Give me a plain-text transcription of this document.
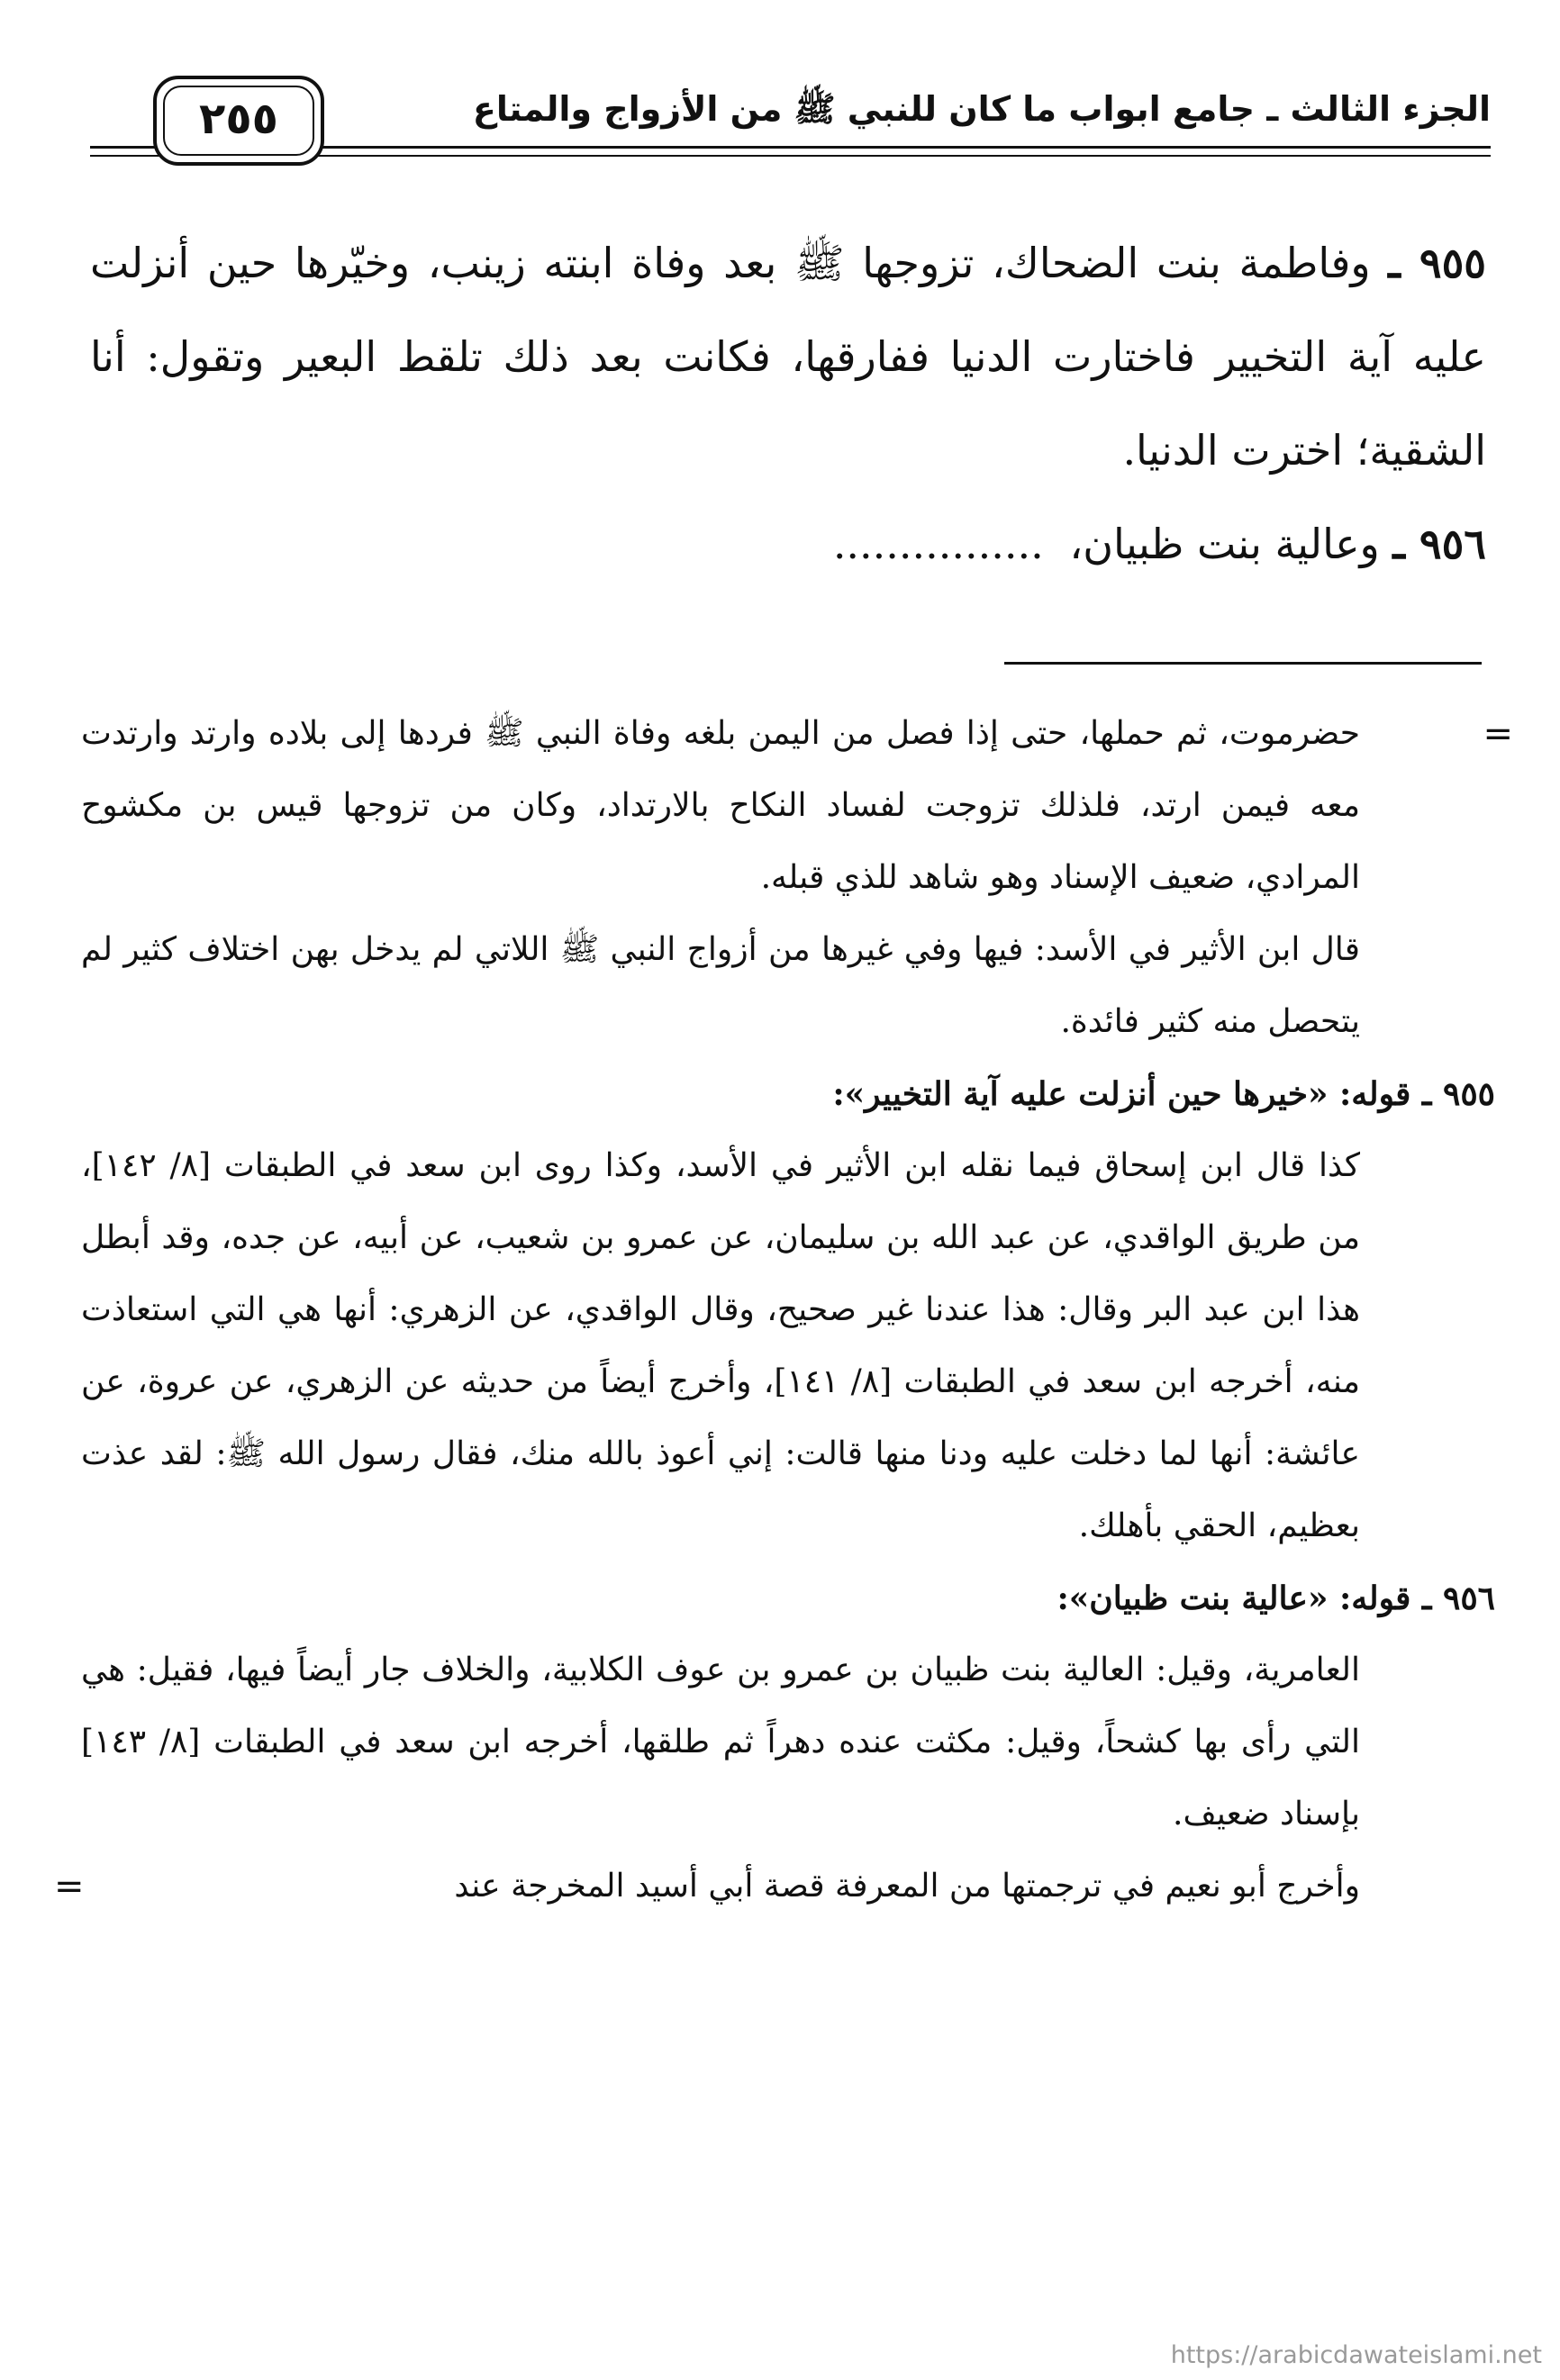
الجزء الثالث ـ جامع ابواب ما كان للنبي ﷺ من الأزواج والمتاع
٢٥٥

٩٥٥ ـ وفاطمة بنت الضحاك، تزوجها ﷺ بعد وفاة ابنته زينب، وخيّرها حين أنزلت عليه آية التخيير فاختارت الدنيا ففارقها، فكانت بعد ذلك تلقط البعير وتقول: أنا الشقية؛ اخترت الدنيا.

٩٥٦ ـ وعالية بنت ظبيان، ................

=
حضرموت، ثم حملها، حتى إذا فصل من اليمن بلغه وفاة النبي ﷺ فردها إلى بلاده وارتد وارتدت معه فيمن ارتد، فلذلك تزوجت لفساد النكاح بالارتداد، وكان من تزوجها قيس بن مكشوح المرادي، ضعيف الإسناد وهو شاهد للذي قبله.

قال ابن الأثير في الأسد: فيها وفي غيرها من أزواج النبي ﷺ اللاتي لم يدخل بهن اختلاف كثير لم يتحصل منه كثير فائدة.

٩٥٥ ـ قوله: «خيرها حين أنزلت عليه آية التخيير»:

كذا قال ابن إسحاق فيما نقله ابن الأثير في الأسد، وكذا روى ابن سعد في الطبقات [٨/ ١٤٢]، من طريق الواقدي، عن عبد الله بن سليمان، عن عمرو بن شعيب، عن أبيه، عن جده، وقد أبطل هذا ابن عبد البر وقال: هذا عندنا غير صحيح، وقال الواقدي، عن الزهري: أنها هي التي استعاذت منه، أخرجه ابن سعد في الطبقات [٨/ ١٤١]، وأخرج أيضاً من حديثه عن الزهري، عن عروة، عن عائشة: أنها لما دخلت عليه ودنا منها قالت: إني أعوذ بالله منك، فقال رسول الله ﷺ: لقد عذت بعظيم، الحقي بأهلك.

٩٥٦ ـ قوله: «عالية بنت ظبيان»:

العامرية، وقيل: العالية بنت ظبيان بن عمرو بن عوف الكلابية، والخلاف جار أيضاً فيها، فقيل: هي التي رأى بها كشحاً، وقيل: مكثت عنده دهراً ثم طلقها، أخرجه ابن سعد في الطبقات [٨/ ١٤٣] بإسناد ضعيف.

وأخرج أبو نعيم في ترجمتها من المعرفة قصة أبي أسيد المخرجة عند
=

https://arabicdawateislami.net
